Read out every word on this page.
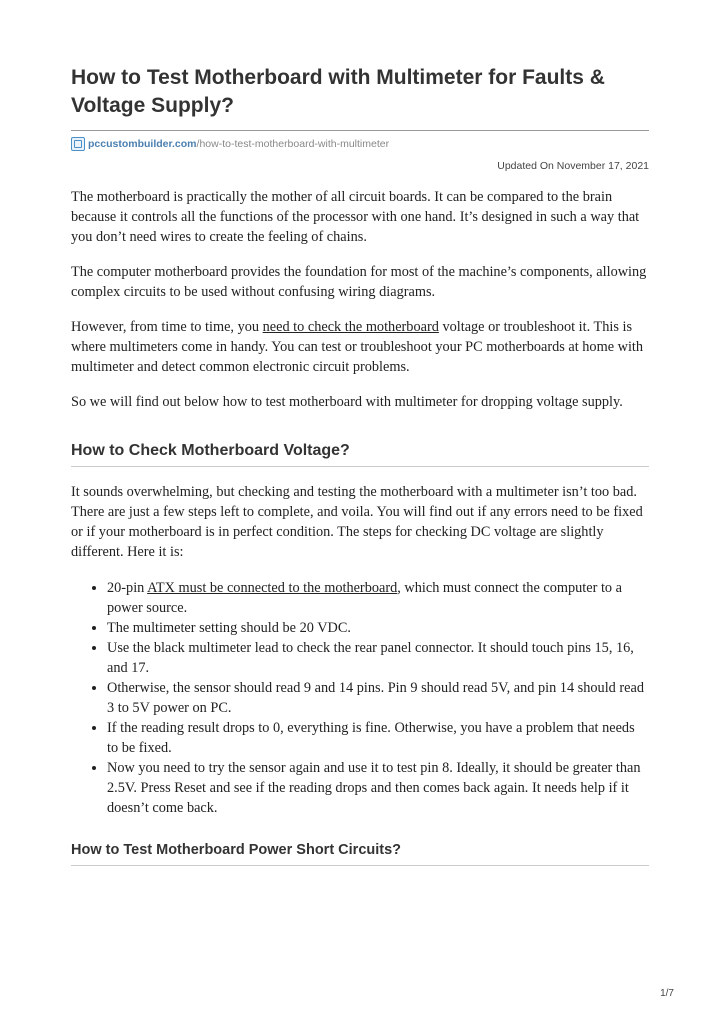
How to Test Motherboard with Multimeter for Faults & Voltage Supply?
pccustombuilder.com /how-to-test-motherboard-with-multimeter
Updated On November 17, 2021

The motherboard is practically the mother of all circuit boards. It can be compared to the brain because it controls all the functions of the processor with one hand. It’s designed in such a way that you don’t need wires to create the feeling of chains.

The computer motherboard provides the foundation for most of the machine’s components, allowing complex circuits to be used without confusing wiring diagrams.

However, from time to time, you need to check the motherboard voltage or troubleshoot it. This is where multimeters come in handy. You can test or troubleshoot your PC motherboards at home with multimeter and detect common electronic circuit problems.

So we will find out below how to test motherboard with multimeter for dropping voltage supply.

How to Check Motherboard Voltage?

It sounds overwhelming, but checking and testing the motherboard with a multimeter isn’t too bad. There are just a few steps left to complete, and voila. You will find out if any errors need to be fixed or if your motherboard is in perfect condition. The steps for checking DC voltage are slightly different. Here it is:

• 20-pin ATX must be connected to the motherboard, which must connect the computer to a power source.
• The multimeter setting should be 20 VDC.
• Use the black multimeter lead to check the rear panel connector. It should touch pins 15, 16, and 17.
• Otherwise, the sensor should read 9 and 14 pins. Pin 9 should read 5V, and pin 14 should read 3 to 5V power on PC.
• If the reading result drops to 0, everything is fine. Otherwise, you have a problem that needs to be fixed.
• Now you need to try the sensor again and use it to test pin 8. Ideally, it should be greater than 2.5V. Press Reset and see if the reading drops and then comes back again. It needs help if it doesn’t come back.
How to Test Motherboard Power Short Circuits?
1/7
